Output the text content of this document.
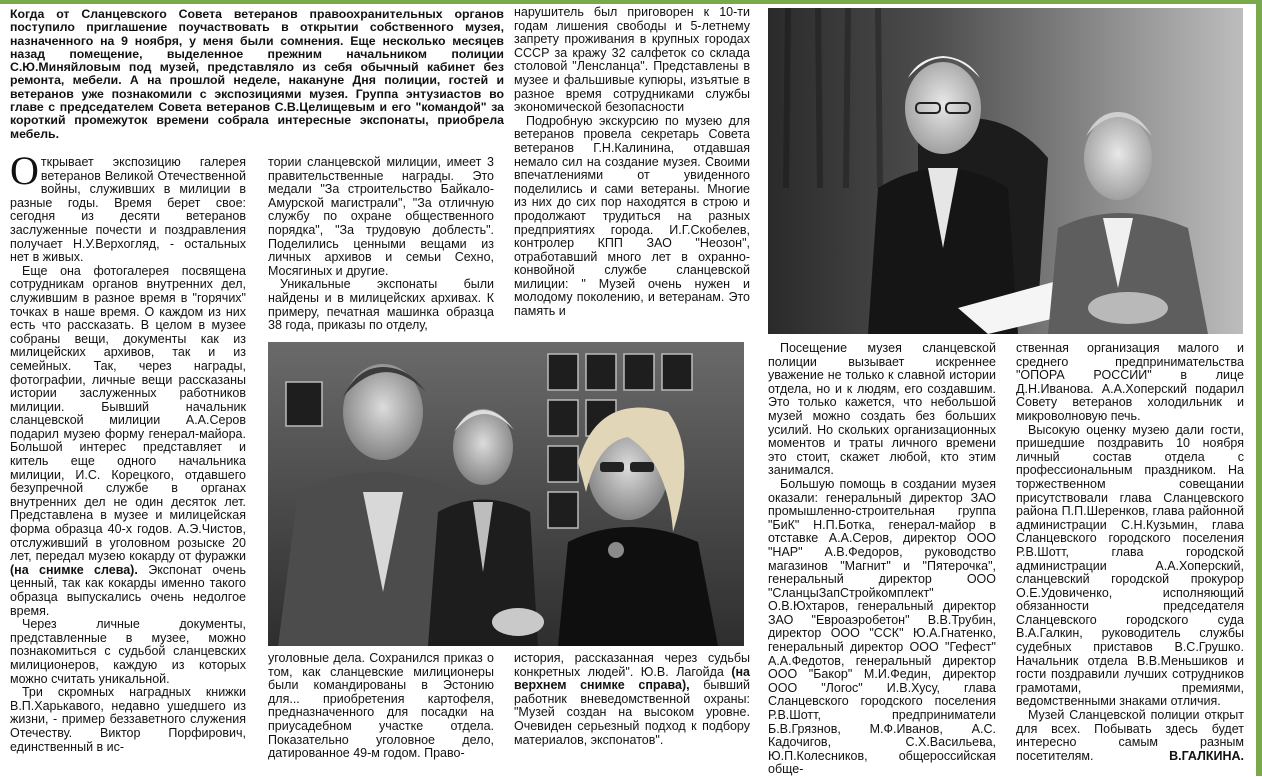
Когда от Сланцевского Совета ветеранов правоохранительных органов поступило приглашение поучаствовать в открытии собственного музея, назначенного на 9 ноября, у меня были сомнения. Еще несколько месяцев назад помещение, выделенное прежним начальником полиции С.Ю.Миняйловым под музей, представляло из себя обычный кабинет без ремонта, мебели. А на прошлой неделе, накануне Дня полиции, гостей и ветеранов уже познакомили с экспозициями музея. Группа энтузиастов во главе с председателем Совета ветеранов С.В.Целищевым и его "командой" за короткий промежуток времени собрала интересные экспонаты, приобрела мебель.

Открывает экспозицию галерея ветеранов Великой Отечественной войны, служивших в милиции в разные годы. Время берет свое: сегодня из десяти ветеранов заслуженные почести и поздравления получает Н.У.Верхогляд, - остальных нет в живых.

Еще она фотогалерея посвящена сотрудникам органов внутренних дел, служившим в разное время в "горячих" точках в наше время. О каждом из них есть что рассказать. В целом в музее собраны вещи, документы как из милицейских архивов, так и из семейных. Так, через награды, фотографии, личные вещи рассказаны истории заслуженных работников милиции. Бывший начальник сланцевской милиции А.А.Серов подарил музею форму генерал-майора. Большой интерес представляет и китель еще одного начальника милиции, И.С. Корецкого, отдавшего безупречной службе в органах внутренних дел не один десяток лет. Представлена в музее и милицейская форма образца 40-х годов. А.Э.Чистов, отслуживший в уголовном розыске 20 лет, передал музею кокарду от фуражки (на снимке слева). Экспонат очень ценный, так как кокарды именно такого образца выпускались очень недолгое время.

Через личные документы, представленные в музее, можно познакомиться с судьбой сланцевских милиционеров, каждую из которых можно считать уникальной.

Три скромных наградных книжки В.П.Харькавого, недавно ушедшего из жизни, - пример беззаветного служения Отечеству. Виктор Порфирович, единственный в ис-

тории сланцевской милиции, имеет 3 правительственные награды. Это медали "За строительство Байкало-Амурской магистрали", "За отличную службу по охране общественного порядка", "За трудовую доблесть". Поделились ценными вещами из личных архивов и семьи Сехно, Мосягиных и другие.

Уникальные экспонаты были найдены и в милицейских архивах. К примеру, печатная машинка образца 38 года, приказы по отделу,

нарушитель был приговорен к 10-ти годам лишения свободы и 5-летнему запрету проживания в крупных городах СССР за кражу 32 салфеток со склада столовой "Ленсланца". Представлены в музее и фальшивые купюры, изъятые в разное время сотрудниками службы экономической безопасности

Подробную экскурсию по музею для ветеранов провела секретарь Совета ветеранов Г.Н.Калинина, отдавшая немало сил на создание музея. Своими впечатлениями от увиденного поделились и сами ветераны. Многие из них до сих пор находятся в строю и продолжают трудиться на разных предприятиях города. И.Г.Скобелев, контролер КПП ЗАО "Неозон", отработавший много лет в охранно-конвойной службе сланцевской милиции: " Музей очень нужен и молодому поколению, и ветеранам. Это память и

уголовные дела. Сохранился приказ о том, как сланцевские милиционеры были командированы в Эстонию для... приобретения картофеля, предназначенного для посадки на приусадебном участке отдела. Показательно уголовное дело, датированное 49-м годом. Право-

история, рассказанная через судьбы конкретных людей". Ю.В. Лагойда (на верхнем снимке справа), бывший работник вневедомственной охраны: "Музей создан на высоком уровне. Очевиден серьезный подход к подбору материалов, экспонатов".

Посещение музея сланцевской полиции вызывает искреннее уважение не только к славной истории отдела, но и к людям, его создавшим. Это только кажется, что небольшой музей можно создать без больших усилий. Но скольких организационных моментов и траты личного времени это стоит, скажет любой, кто этим занимался.

Большую помощь в создании музея оказали: генеральный директор ЗАО промышленно-строительная группа "БиК" Н.П.Ботка, генерал-майор в отставке А.А.Серов, директор ООО "НАР" А.В.Федоров, руководство магазинов "Магнит" и "Пятерочка", генеральный директор ООО "СланцыЗапСтройкомплект" О.В.Юхтаров, генеральный директор ЗАО "Евроаэробетон" В.В.Трубин, директор ООО "ССК" Ю.А.Гнатенко, генеральный директор ООО "Гефест" А.А.Федотов, генеральный директор ООО "Бакор" М.И.Федин, директор ООО "Логос" И.В.Хусу, глава Сланцевского городского поселения Р.В.Шотт, предприниматели Б.В.Грязнов, М.Ф.Иванов, А.С. Кадочигов, С.Х.Васильева, Ю.П.Колесников, общероссийская обще-

ственная организация малого и среднего предпринимательства "ОПОРА РОССИИ" в лице Д.Н.Иванова. А.А.Хоперский подарил Совету ветеранов холодильник и микроволновую печь.

Высокую оценку музею дали гости, пришедшие поздравить 10 ноября личный состав отдела с профессиональным праздником. На торжественном совещании присутствовали глава Сланцевского района П.П.Шеренков, глава районной администрации С.Н.Кузьмин, глава Сланцевского городского поселения Р.В.Шотт, глава городской администрации А.А.Хоперский, сланцевский городской прокурор О.Е.Удовиченко, исполняющий обязанности председателя Сланцевского городского суда В.А.Галкин, руководитель службы судебных приставов В.С.Грушко. Начальник отдела В.В.Меньшиков и гости поздравили лучших сотрудников грамотами, премиями, ведомственными знаками отличия.

Музей Сланцевской полиции открыт для всех. Побывать здесь будет интересно самым разным посетителям.	В.ГАЛКИНА.
